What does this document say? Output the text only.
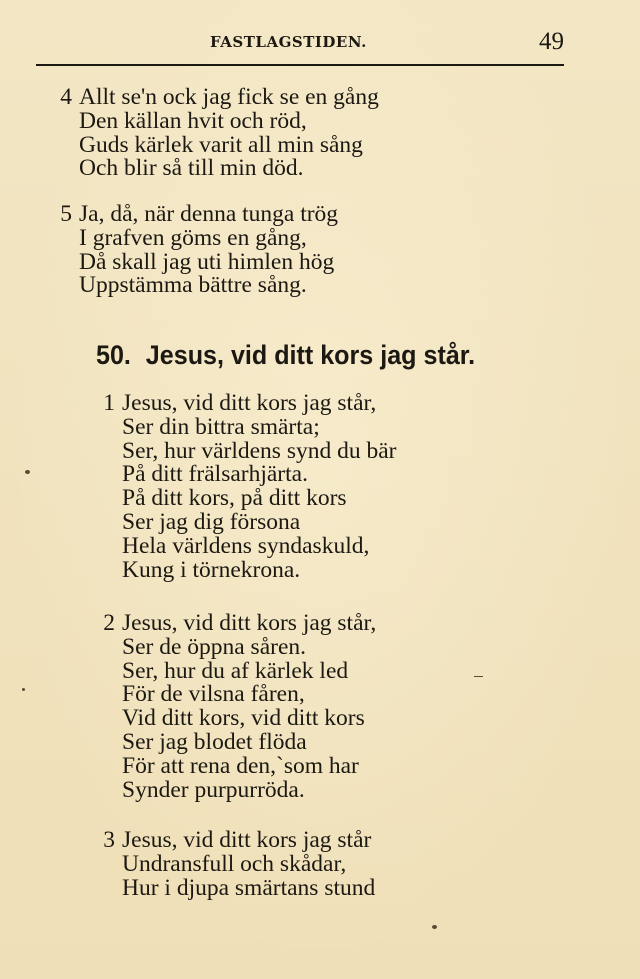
FASTLAGSTIDEN.	49
4 Allt se'n ock jag fick se en gång
Den källan hvit och röd,
Guds kärlek varit all min sång
Och blir så till min död.
5 Ja, då, när denna tunga trög
I grafven göms en gång,
Då skall jag uti himlen hög
Uppstämma bättre sång.
50. Jesus, vid ditt kors jag står.
1 Jesus, vid ditt kors jag står,
Ser din bittra smärta;
Ser, hur världens synd du bär
På ditt frälsarhjärta.
På ditt kors, på ditt kors
Ser jag dig försona
Hela världens syndaskuld,
Kung i törnekrona.
2 Jesus, vid ditt kors jag står,
Ser de öppna såren.
Ser, hur du af kärlek led
För de vilsna fåren,
Vid ditt kors, vid ditt kors
Ser jag blodet flöda
För att rena den,`som har
Synder purpurröda.
3 Jesus, vid ditt kors jag står
Undransfull och skådar,
Hur i djupa smärtans stund
